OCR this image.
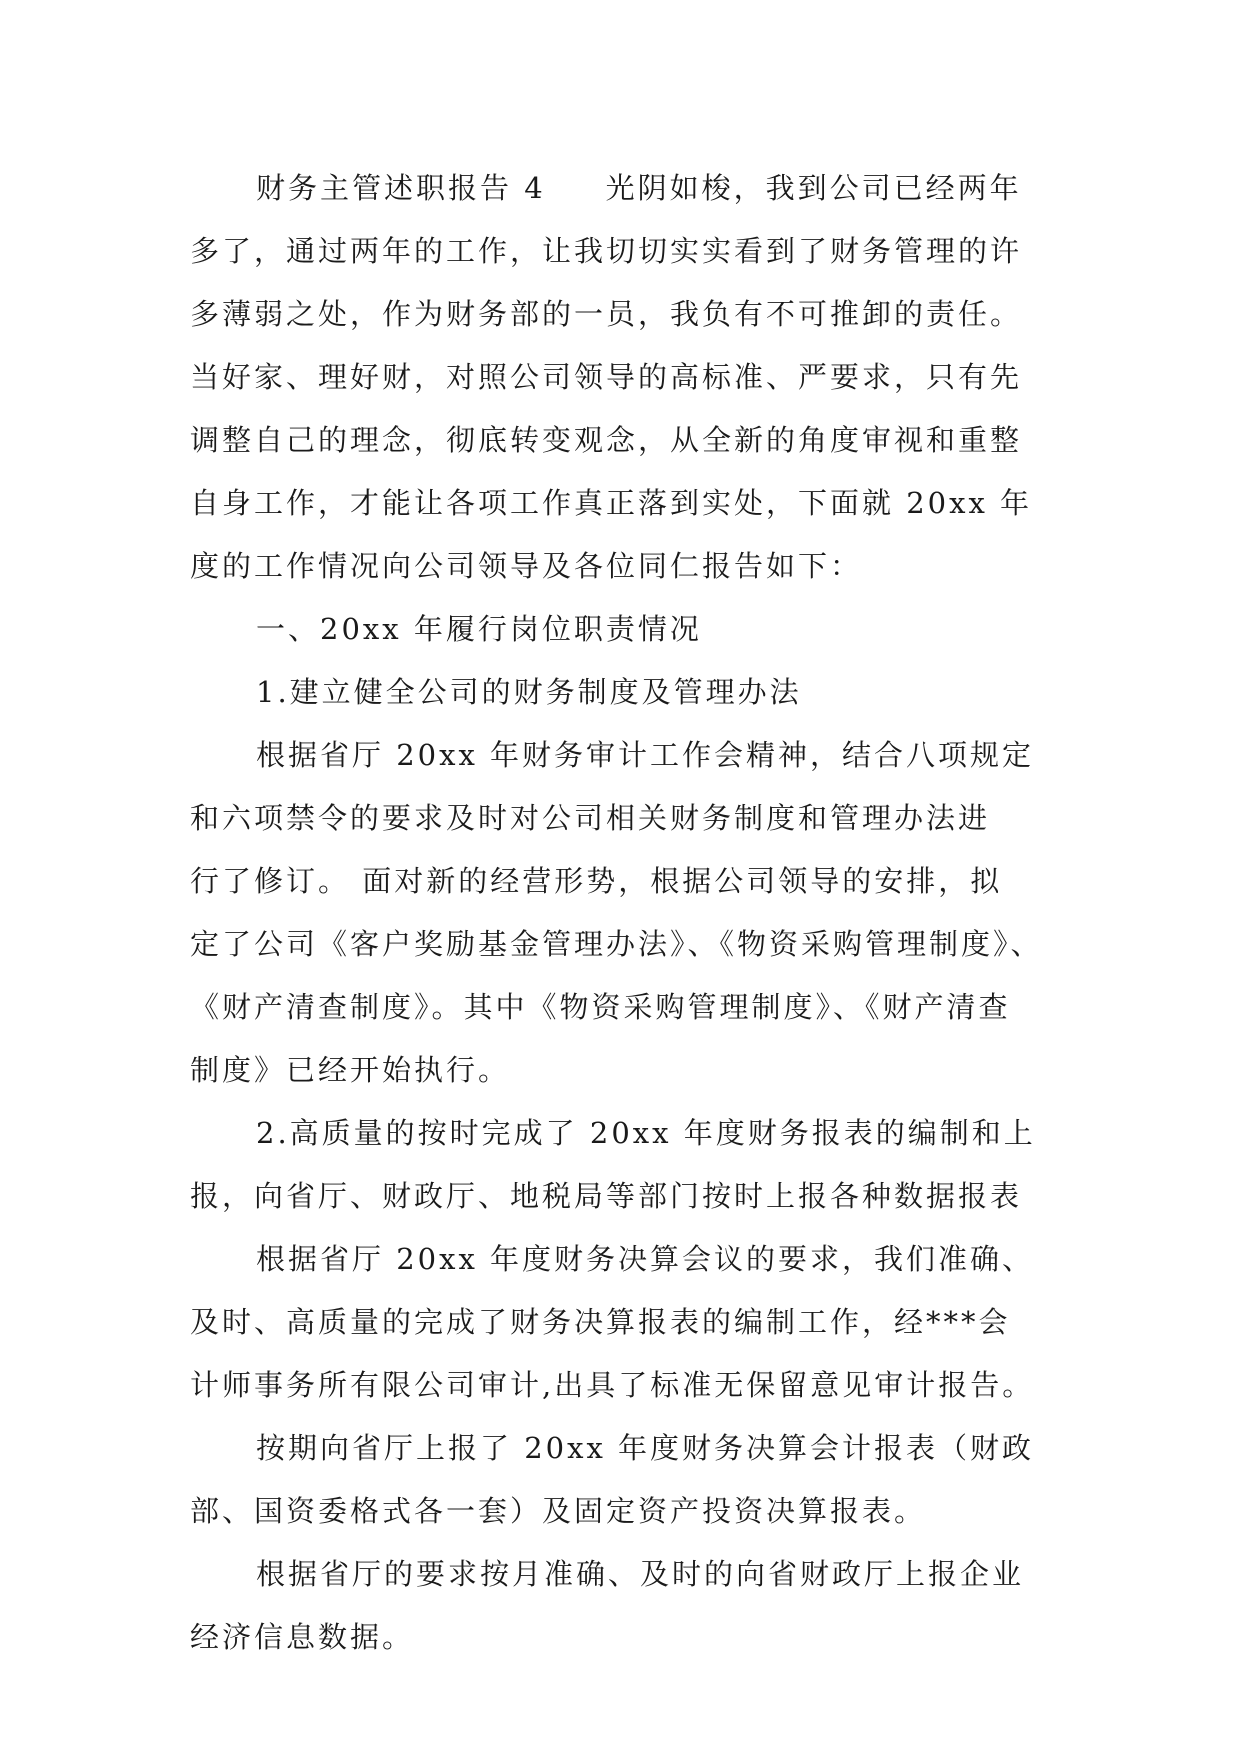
财务主管述职报告 4 光阴如梭，我到公司已经两年
多了，通过两年的工作，让我切切实实看到了财务管理的许
多薄弱之处，作为财务部的一员，我负有不可推卸的责任。
当好家、理好财，对照公司领导的高标准、严要求，只有先
调整自己的理念，彻底转变观念，从全新的角度审视和重整
自身工作，才能让各项工作真正落到实处，下面就 20xx 年
度的工作情况向公司领导及各位同仁报告如下：
一、20xx 年履行岗位职责情况
1.建立健全公司的财务制度及管理办法
根据省厅 20xx 年财务审计工作会精神，结合八项规定
和六项禁令的要求及时对公司相关财务制度和管理办法进
行了修订。 面对新的经营形势，根据公司领导的安排，拟
定了公司《客户奖励基金管理办法》、《物资采购管理制度》、
《财产清查制度》。其中《物资采购管理制度》、《财产清查
制度》已经开始执行。
2.高质量的按时完成了 20xx 年度财务报表的编制和上
报，向省厅、财政厅、地税局等部门按时上报各种数据报表
根据省厅 20xx 年度财务决算会议的要求，我们准确、
及时、高质量的完成了财务决算报表的编制工作，经***会
计师事务所有限公司审计,出具了标准无保留意见审计报告。
按期向省厅上报了 20xx 年度财务决算会计报表（财政
部、国资委格式各一套）及固定资产投资决算报表。
根据省厅的要求按月准确、及时的向省财政厅上报企业
经济信息数据。
